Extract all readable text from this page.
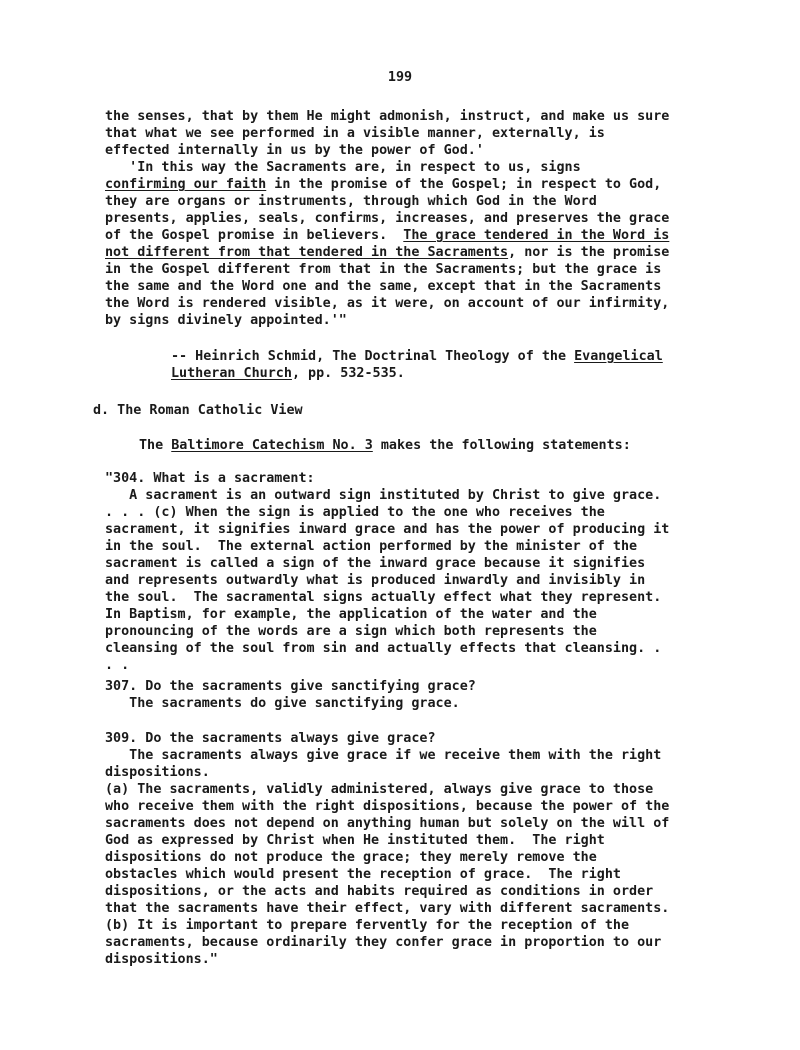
199
the senses, that by them He might admonish, instruct, and make us sure
that what we see performed in a visible manner, externally, is
effected internally in us by the power of God.'
'In this way the Sacraments are, in respect to us, signs
confirming our faith in the promise of the Gospel; in respect to God,
they are organs or instruments, through which God in the Word
presents, applies, seals, confirms, increases, and preserves the grace
of the Gospel promise in believers.  The grace tendered in the Word is
not different from that tendered in the Sacraments, nor is the promise
in the Gospel different from that in the Sacraments; but the grace is
the same and the Word one and the same, except that in the Sacraments
the Word is rendered visible, as it were, on account of our infirmity,
by signs divinely appointed.'"
-- Heinrich Schmid, The Doctrinal Theology of the Evangelical
Lutheran Church, pp. 532-535.
d. The Roman Catholic View
The Baltimore Catechism No. 3 makes the following statements:
"304. What is a sacrament:
A sacrament is an outward sign instituted by Christ to give grace.
. . . (c) When the sign is applied to the one who receives the
sacrament, it signifies inward grace and has the power of producing it
in the soul.  The external action performed by the minister of the
sacrament is called a sign of the inward grace because it signifies
and represents outwardly what is produced inwardly and invisibly in
the soul.  The sacramental signs actually effect what they represent.
In Baptism, for example, the application of the water and the
pronouncing of the words are a sign which both represents the
cleansing of the soul from sin and actually effects that cleansing. .
. .
307. Do the sacraments give sanctifying grace?
The sacraments do give sanctifying grace.
309. Do the sacraments always give grace?
The sacraments always give grace if we receive them with the right
dispositions.
(a) The sacraments, validly administered, always give grace to those
who receive them with the right dispositions, because the power of the
sacraments does not depend on anything human but solely on the will of
God as expressed by Christ when He instituted them.  The right
dispositions do not produce the grace; they merely remove the
obstacles which would present the reception of grace.  The right
dispositions, or the acts and habits required as conditions in order
that the sacraments have their effect, vary with different sacraments.
(b) It is important to prepare fervently for the reception of the
sacraments, because ordinarily they confer grace in proportion to our
dispositions."
